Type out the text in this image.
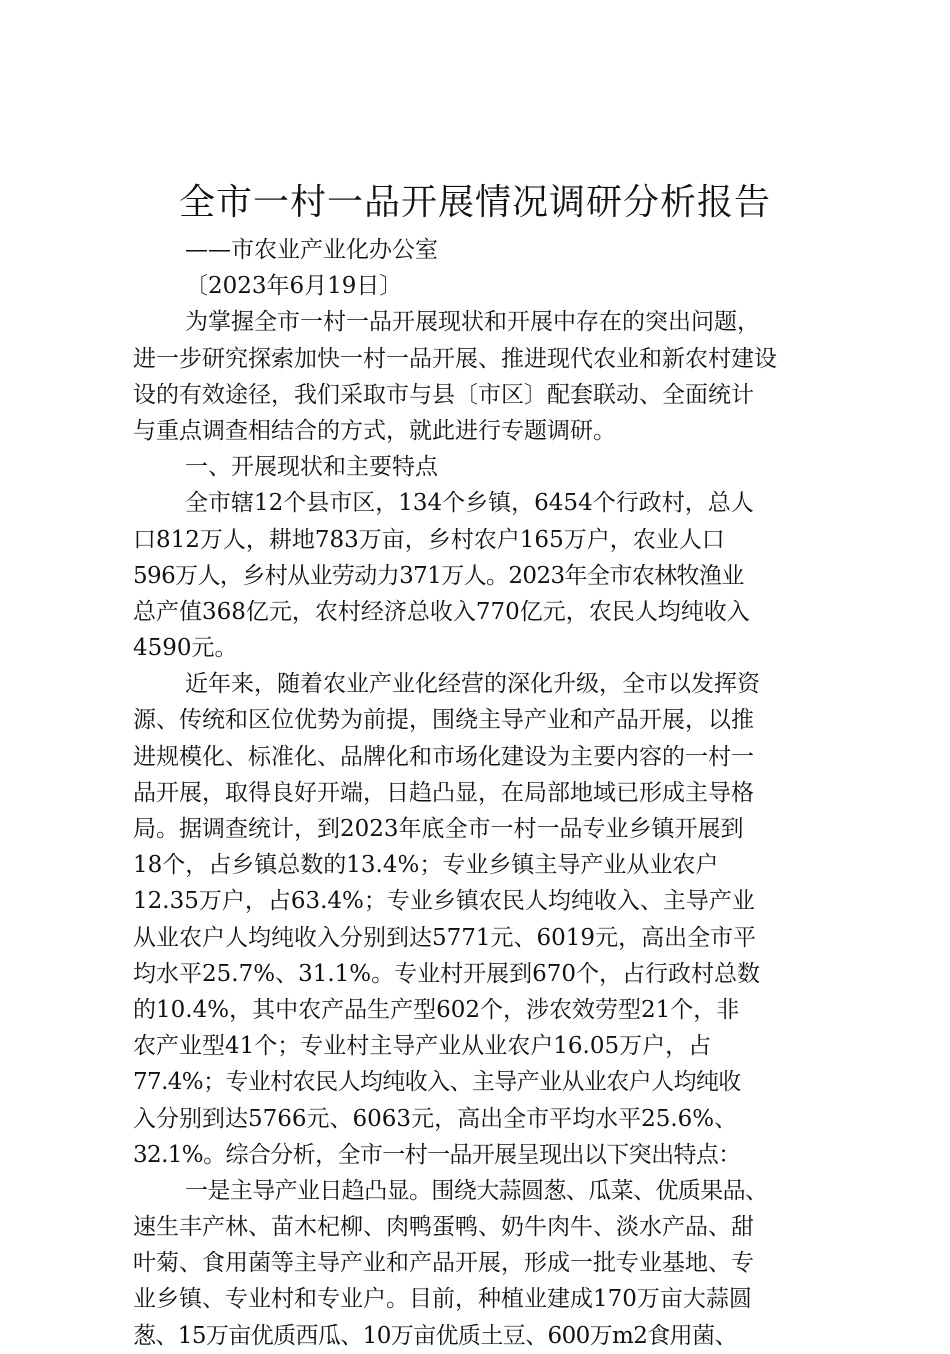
全市一村一品开展情况调研分析报告
——市农业产业化办公室
〔2023年6月19日〕
为掌握全市一村一品开展现状和开展中存在的突出问题，
进一步研究探索加快一村一品开展、推进现代农业和新农村建设
设的有效途径，我们采取市与县〔市区〕配套联动、全面统计
与重点调查相结合的方式，就此进行专题调研。
一、开展现状和主要特点
全市辖12个县市区，134个乡镇，6454个行政村，总人
口812万人，耕地783万亩，乡村农户165万户，农业人口
596万人，乡村从业劳动力371万人。2023年全市农林牧渔业
总产值368亿元，农村经济总收入770亿元，农民人均纯收入
4590元。
近年来，随着农业产业化经营的深化升级，全市以发挥资
源、传统和区位优势为前提，围绕主导产业和产品开展，以推
进规模化、标准化、品牌化和市场化建设为主要内容的一村一
品开展，取得良好开端，日趋凸显，在局部地域已形成主导格
局。据调查统计，到2023年底全市一村一品专业乡镇开展到
18个，占乡镇总数的13.4%；专业乡镇主导产业从业农户
12.35万户，占63.4%；专业乡镇农民人均纯收入、主导产业
从业农户人均纯收入分别到达5771元、6019元，高出全市平
均水平25.7%、31.1%。专业村开展到670个，占行政村总数
的10.4%，其中农产品生产型602个，涉农效劳型21个，非
农产业型41个；专业村主导产业从业农户16.05万户，占
77.4%；专业村农民人均纯收入、主导产业从业农户人均纯收
入分别到达5766元、6063元，高出全市平均水平25.6%、
32.1%。综合分析，全市一村一品开展呈现出以下突出特点：
一是主导产业日趋凸显。围绕大蒜圆葱、瓜菜、优质果品、
速生丰产林、苗木杞柳、肉鸭蛋鸭、奶牛肉牛、淡水产品、甜
叶菊、食用菌等主导产业和产品开展，形成一批专业基地、专
业乡镇、专业村和专业户。目前，种植业建成170万亩大蒜圆
葱、15万亩优质西瓜、10万亩优质土豆、600万m2食用菌、
